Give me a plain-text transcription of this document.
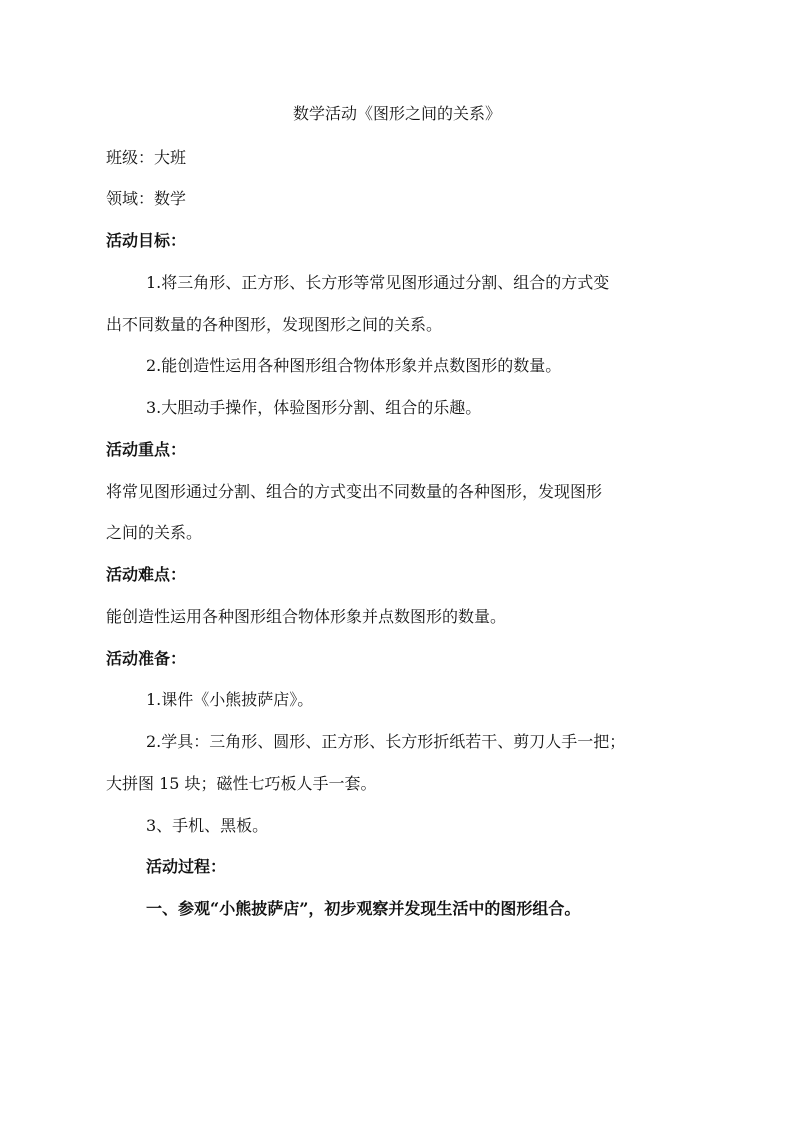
数学活动《图形之间的关系》
班级：大班
领域：数学
活动目标：
1.将三角形、正方形、长方形等常见图形通过分割、组合的方式变
出不同数量的各种图形，发现图形之间的关系。
2.能创造性运用各种图形组合物体形象并点数图形的数量。
3.大胆动手操作，体验图形分割、组合的乐趣。
活动重点：
将常见图形通过分割、组合的方式变出不同数量的各种图形，发现图形
之间的关系。
活动难点：
能创造性运用各种图形组合物体形象并点数图形的数量。
活动准备：
1.课件《小熊披萨店》。
2.学具：三角形、圆形、正方形、长方形折纸若干、剪刀人手一把；
大拼图 15 块；磁性七巧板人手一套。
3、手机、黑板。
活动过程：
一、参观“小熊披萨店”，初步观察并发现生活中的图形组合。
